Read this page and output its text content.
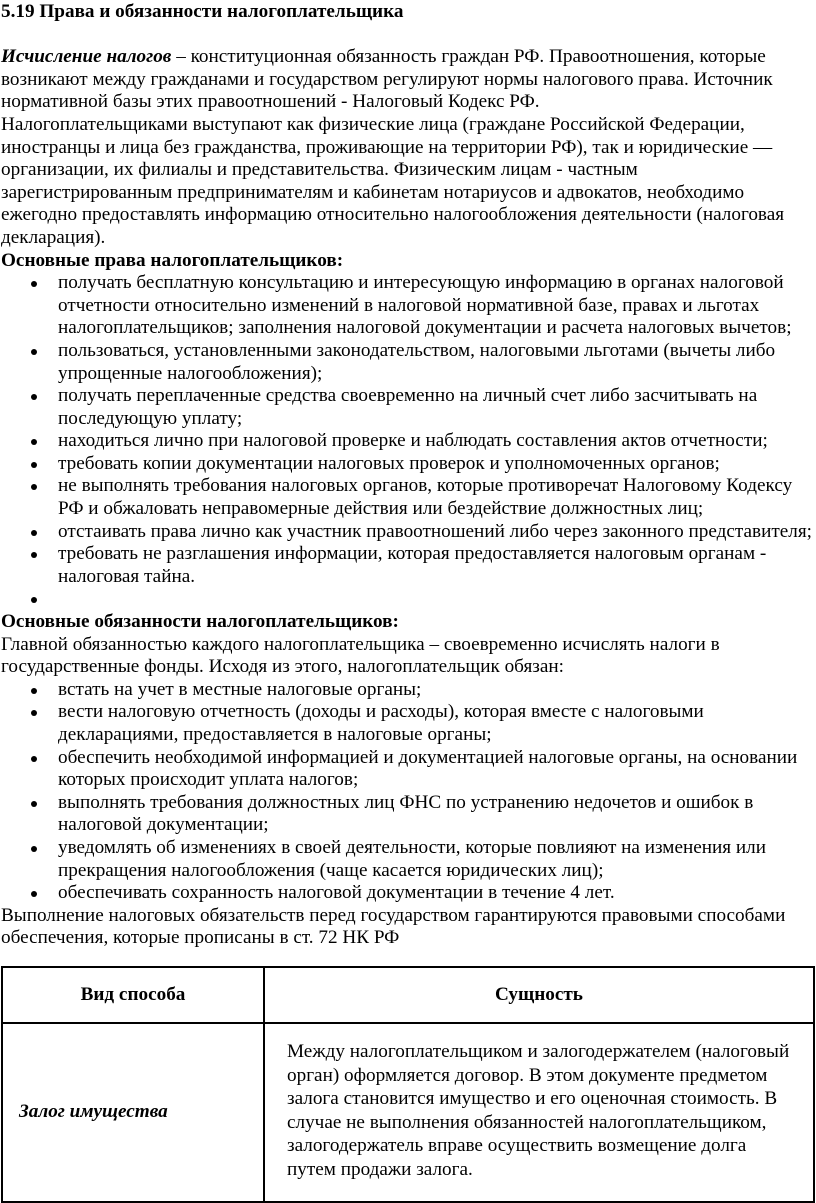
5.19 Права и обязанности налогоплательщика

Исчисление налогов – конституционная обязанность граждан РФ. Правоотношения, которые возникают между гражданами и государством регулируют нормы налогового права. Источник нормативной базы этих правоотношений - Налоговый Кодекс РФ.

Налогоплательщиками выступают как физические лица (граждане Российской Федерации, иностранцы и лица без гражданства, проживающие на территории РФ), так и юридические — организации, их филиалы и представительства. Физическим лицам - частным зарегистрированным предпринимателям и кабинетам нотариусов и адвокатов, необходимо ежегодно предоставлять информацию относительно налогообложения деятельности (налоговая декларация).

Основные права налогоплательщиков:

получать бесплатную консультацию и интересующую информацию в органах налоговой отчетности относительно изменений в налоговой нормативной базе, правах и льготах налогоплательщиков; заполнения налоговой документации и расчета налоговых вычетов;
пользоваться, установленными законодательством, налоговыми льготами (вычеты либо упрощенные налогообложения);
получать переплаченные средства своевременно на личный счет либо засчитывать на последующую уплату;
находиться лично при налоговой проверке и наблюдать составления актов отчетности;
требовать копии документации налоговых проверок и уполномоченных органов;
не выполнять требования налоговых органов, которые противоречат Налоговому Кодексу РФ и обжаловать неправомерные действия или бездействие должностных лиц;
отстаивать права лично как участник правоотношений либо через законного представителя;
требовать не разглашения информации, которая предоставляется налоговым органам - налоговая тайна.

Основные обязанности налогоплательщиков:

Главной обязанностью каждого налогоплательщика – своевременно исчислять налоги в государственные фонды. Исходя из этого, налогоплательщик обязан:

встать на учет в местные налоговые органы;
вести налоговую отчетность (доходы и расходы), которая вместе с налоговыми декларациями, предоставляется в налоговые органы;
обеспечить необходимой информацией и документацией налоговые органы, на основании которых происходит уплата налогов;
выполнять требования должностных лиц ФНС по устранению недочетов и ошибок в налоговой документации;
уведомлять об изменениях в своей деятельности, которые повлияют на изменения или прекращения налогообложения (чаще касается юридических лиц);
обеспечивать сохранность налоговой документации в течение 4 лет.

Выполнение налоговых обязательств перед государством гарантируются правовыми способами обеспечения, которые прописаны в ст. 72 НК РФ

Вид способа	Сущность
Залог имущества	Между налогоплательщиком и залогодержателем (налоговый орган) оформляется договор. В этом документе предметом залога становится имущество и его оценочная стоимость. В случае не выполнения обязанностей налогоплательщиком, залогодержатель вправе осуществить возмещение долга путем продажи залога.
